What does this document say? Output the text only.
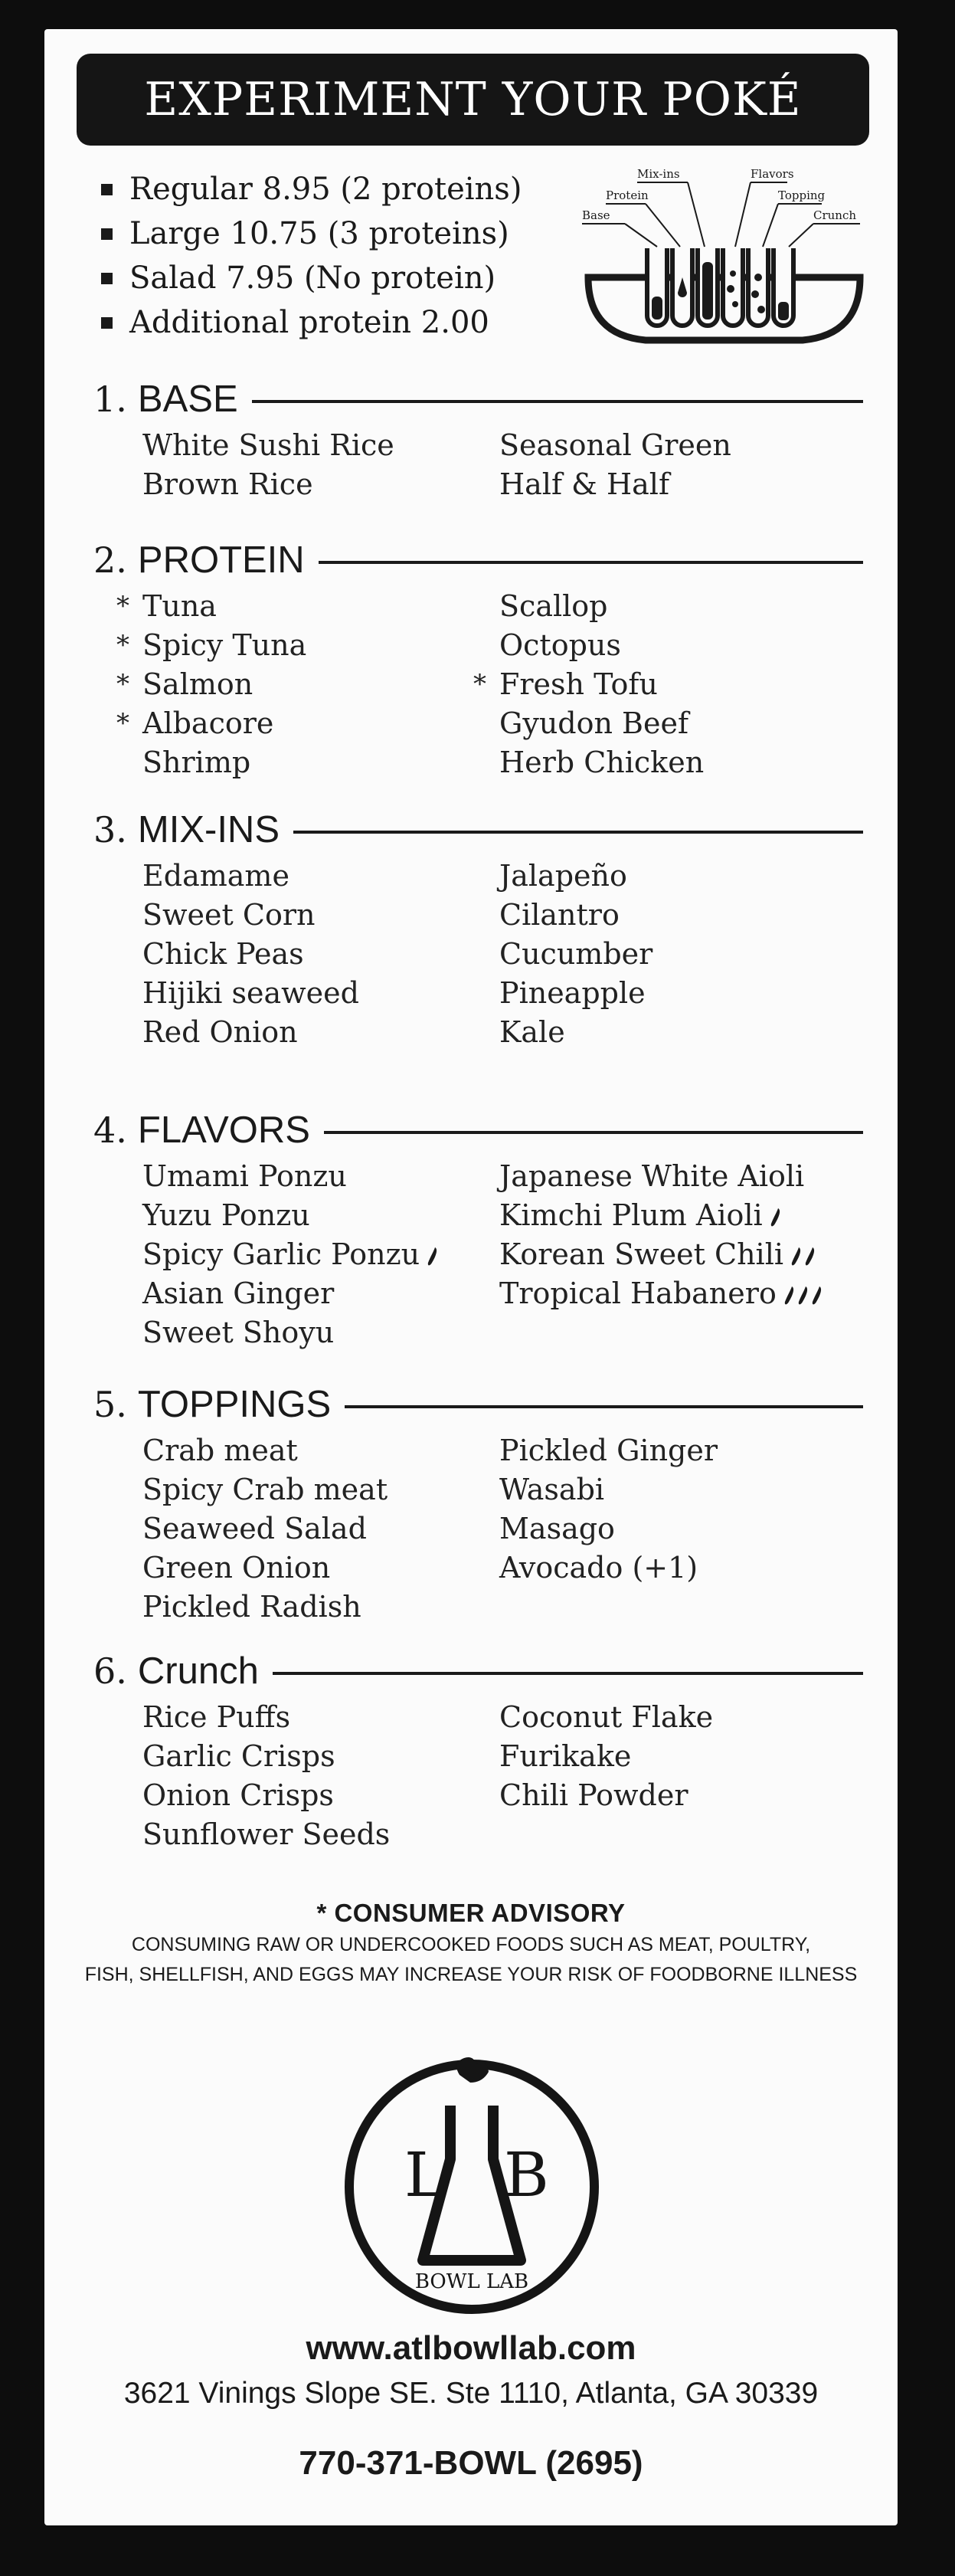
EXPERIMENT YOUR POKÉ
Regular 8.95 (2 proteins)
Large 10.75 (3 proteins)
Salad 7.95 (No protein)
Additional protein 2.00
Mix-ins	Flavors
Protein	Topping
Base	Crunch
1. BASE
White Sushi Rice
Brown Rice
Seasonal Green
Half & Half
2. PROTEIN
* Tuna
* Spicy Tuna
* Salmon
* Albacore
Shrimp
Scallop
Octopus
* Fresh Tofu
Gyudon Beef
Herb Chicken
3. MIX-INS
Edamame
Sweet Corn
Chick Peas
Hijiki seaweed
Red Onion
Jalapeño
Cilantro
Cucumber
Pineapple
Kale
4. FLAVORS
Umami Ponzu
Yuzu Ponzu
Spicy Garlic Ponzu
Asian Ginger
Sweet Shoyu
Japanese White Aioli
Kimchi Plum Aioli
Korean Sweet Chili
Tropical Habanero
5. TOPPINGS
Crab meat
Spicy Crab meat
Seaweed Salad
Green Onion
Pickled Radish
Pickled Ginger
Wasabi
Masago
Avocado (+1)
6. Crunch
Rice Puffs
Garlic Crisps
Onion Crisps
Sunflower Seeds
Coconut Flake
Furikake
Chili Powder
* CONSUMER ADVISORY
CONSUMING RAW OR UNDERCOOKED FOODS SUCH AS MEAT, POULTRY,
FISH, SHELLFISH, AND EGGS MAY INCREASE YOUR RISK OF FOODBORNE ILLNESS
L B
BOWL LAB
www.atlbowllab.com
3621 Vinings Slope SE. Ste 1110, Atlanta, GA 30339
770-371-BOWL (2695)
